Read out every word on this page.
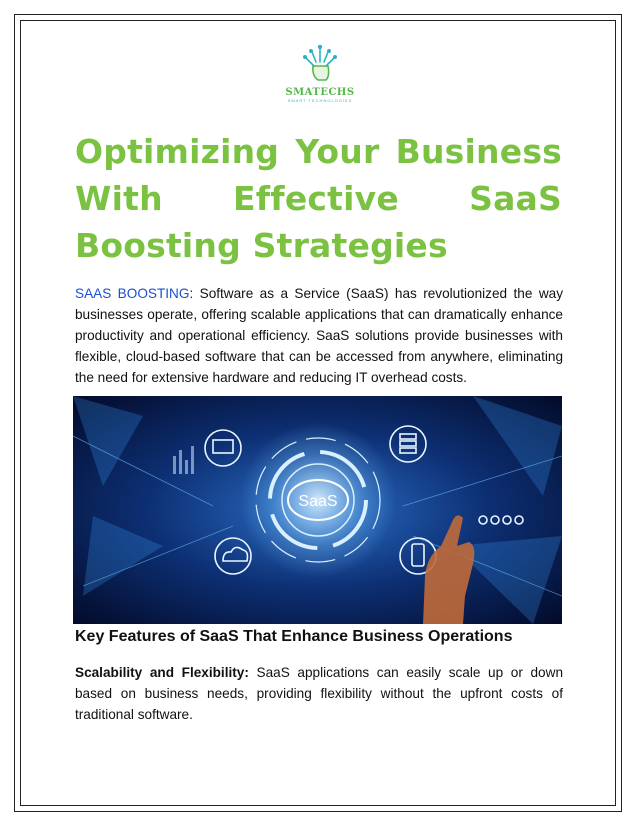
SMATECHS
SMART TECHNOLOGIES
Optimizing Your Business With Effective SaaS Boosting Strategies

SAAS BOOSTING: Software as a Service (SaaS) has revolutionized the way businesses operate, offering scalable applications that can dramatically enhance productivity and operational efficiency. SaaS solutions provide businesses with flexible, cloud-based software that can be accessed from anywhere, eliminating the need for extensive hardware and reducing IT overhead costs.

SaaS
Key Features of SaaS That Enhance Business Operations

Scalability and Flexibility: SaaS applications can easily scale up or down based on business needs, providing flexibility without the upfront costs of traditional software.
